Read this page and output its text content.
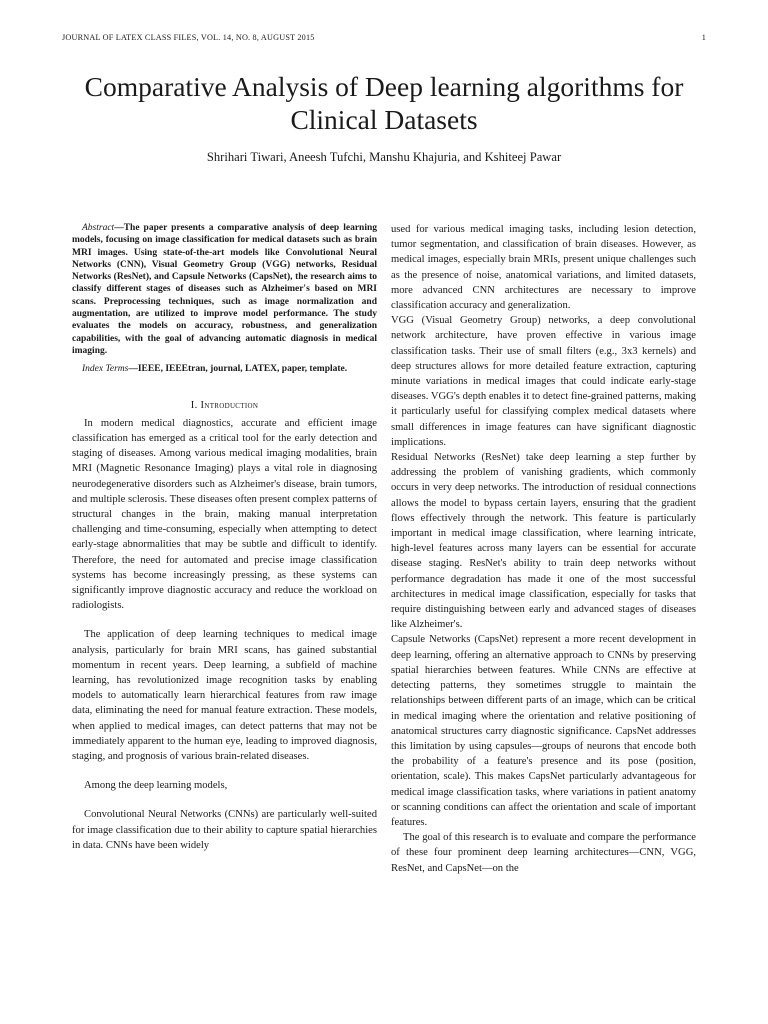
JOURNAL OF LATEX CLASS FILES, VOL. 14, NO. 8, AUGUST 2015	1
Comparative Analysis of Deep learning algorithms for Clinical Datasets
Shrihari Tiwari, Aneesh Tufchi, Manshu Khajuria, and Kshiteej Pawar

Abstract—The paper presents a comparative analysis of deep learning models, focusing on image classification for medical datasets such as brain MRI images. Using state-of-the-art models like Convolutional Neural Networks (CNN), Visual Geometry Group (VGG) networks, Residual Networks (ResNet), and Capsule Networks (CapsNet), the research aims to classify different stages of diseases such as Alzheimer's based on MRI scans. Preprocessing techniques, such as image normalization and augmentation, are utilized to improve model performance. The study evaluates the models on accuracy, robustness, and generalization capabilities, with the goal of advancing automatic diagnosis in medical imaging.

Index Terms—IEEE, IEEEtran, journal, LATEX, paper, template.

I. Introduction

In modern medical diagnostics, accurate and efficient image classification has emerged as a critical tool for the early detection and staging of diseases. Among various medical imaging modalities, brain MRI (Magnetic Resonance Imaging) plays a vital role in diagnosing neurodegenerative disorders such as Alzheimer's disease, brain tumors, and multiple sclerosis. These diseases often present complex patterns of structural changes in the brain, making manual interpretation challenging and time-consuming, especially when attempting to detect early-stage abnormalities that may be subtle and difficult to identify. Therefore, the need for automated and precise image classification systems has become increasingly pressing, as these systems can significantly improve diagnostic accuracy and reduce the workload on radiologists.

The application of deep learning techniques to medical image analysis, particularly for brain MRI scans, has gained substantial momentum in recent years. Deep learning, a subfield of machine learning, has revolutionized image recognition tasks by enabling models to automatically learn hierarchical features from raw image data, eliminating the need for manual feature extraction. These models, when applied to medical images, can detect patterns that may not be immediately apparent to the human eye, leading to improved diagnosis, staging, and prognosis of various brain-related diseases.

Among the deep learning models,

Convolutional Neural Networks (CNNs) are particularly well-suited for image classification due to their ability to capture spatial hierarchies in data. CNNs have been widely

used for various medical imaging tasks, including lesion detection, tumor segmentation, and classification of brain diseases. However, as medical images, especially brain MRIs, present unique challenges such as the presence of noise, anatomical variations, and limited datasets, more advanced CNN architectures are necessary to improve classification accuracy and generalization.

VGG (Visual Geometry Group) networks, a deep convolutional network architecture, have proven effective in various image classification tasks. Their use of small filters (e.g., 3x3 kernels) and deep structures allows for more detailed feature extraction, capturing minute variations in medical images that could indicate early-stage diseases. VGG's depth enables it to detect fine-grained patterns, making it particularly useful for classifying complex medical datasets where small differences in image features can have significant diagnostic implications.

Residual Networks (ResNet) take deep learning a step further by addressing the problem of vanishing gradients, which commonly occurs in very deep networks. The introduction of residual connections allows the model to bypass certain layers, ensuring that the gradient flows effectively through the network. This feature is particularly important in medical image classification, where learning intricate, high-level features across many layers can be essential for accurate disease staging. ResNet's ability to train deep networks without performance degradation has made it one of the most successful architectures in medical image classification, especially for tasks that require distinguishing between early and advanced stages of diseases like Alzheimer's.

Capsule Networks (CapsNet) represent a more recent development in deep learning, offering an alternative approach to CNNs by preserving spatial hierarchies between features. While CNNs are effective at detecting patterns, they sometimes struggle to maintain the relationships between different parts of an image, which can be critical in medical imaging where the orientation and relative positioning of anatomical structures carry diagnostic significance. CapsNet addresses this limitation by using capsules—groups of neurons that encode both the probability of a feature's presence and its pose (position, orientation, scale). This makes CapsNet particularly advantageous for medical image classification tasks, where variations in patient anatomy or scanning conditions can affect the orientation and scale of important features.

The goal of this research is to evaluate and compare the performance of these four prominent deep learning architectures—CNN, VGG, ResNet, and CapsNet—on the
